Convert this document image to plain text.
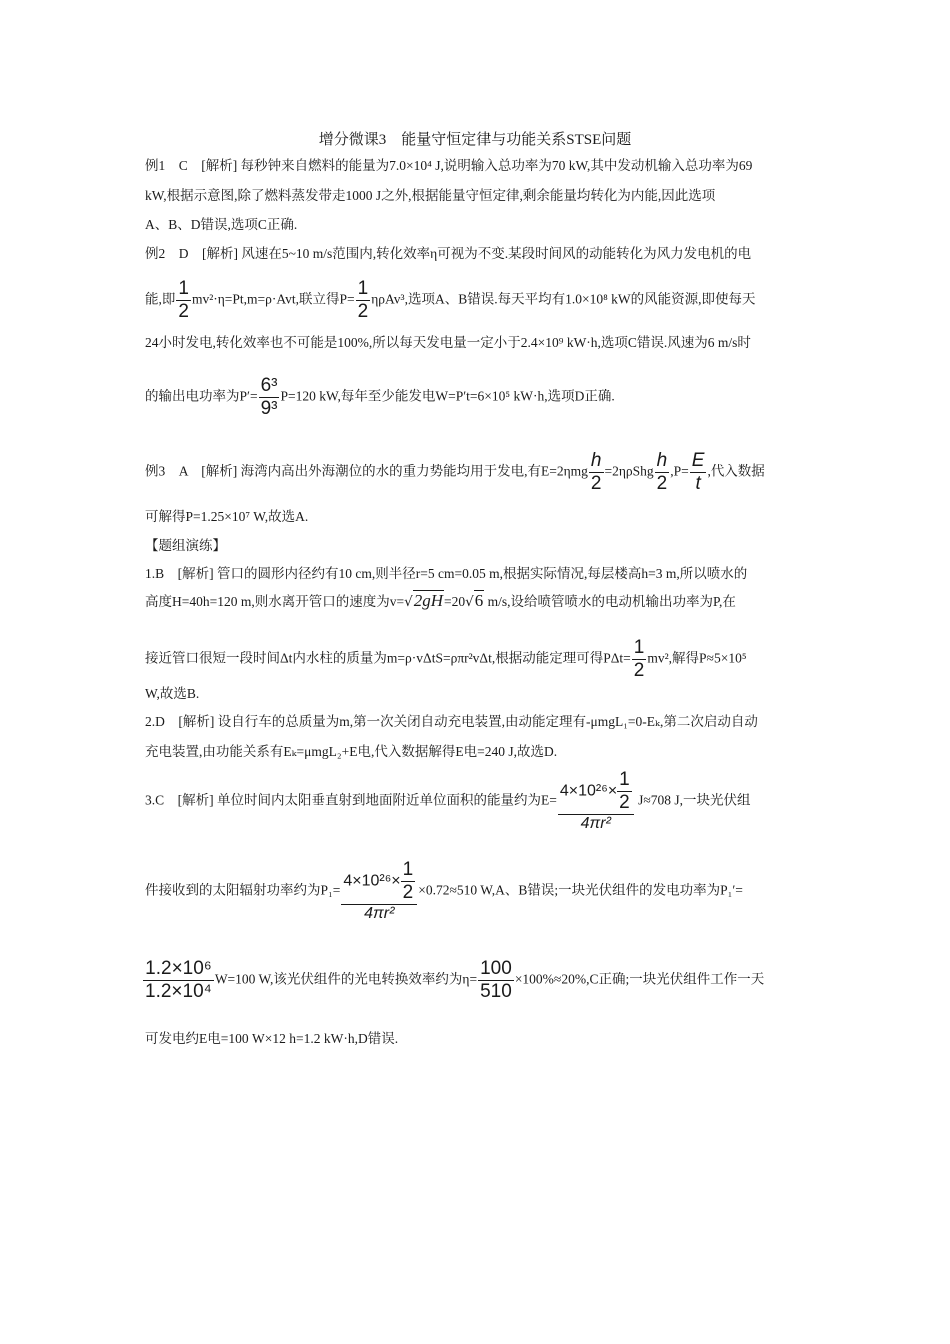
增分微课3　能量守恒定律与功能关系STSE问题
例1　C　[解析] 每秒钟来自燃料的能量为7.0×10⁴ J,说明输入总功率为70 kW,其中发动机输入总功率为69
kW,根据示意图,除了燃料蒸发带走1000 J之外,根据能量守恒定律,剩余能量均转化为内能,因此选项
A、B、D错误,选项C正确.
例2　D　[解析] 风速在5~10 m/s范围内,转化效率η可视为不变.某段时间风的动能转化为风力发电机的电
能,即 $\frac{1}{2} mv^2\cdot\eta=Pt,m=\rho\cdot Avt$,联立得$P= \frac{1}{2} \eta\rho Av^3$,选项A、B错误.每天平均有1.0×10⁸ kW的风能资源,即使每天
24小时发电,转化效率也不可能是100%,所以每天发电量一定小于2.4×10⁹ kW·h,选项C错误.风速为6 m/s时
的输出电功率为$P'= \frac{\text{6³}}{\text{9³}} P=120$ kW,每年至少能发电W=P′t=6×10⁵ kW·h,选项D正确.
例3　A　[解析] 海湾内高出外海潮位的水的重力势能均用于发电,有$E=2\eta mg \frac{h}{2} =2\eta\rho Shg \frac{h}{2} ,P= \frac{E}{t}$ ,代入数据
可解得P=1.25×10⁷ W,故选A.
【题组演练】
1.B　[解析] 管口的圆形内径约有10 cm,则半径r=5 cm=0.05 m,根据实际情况,每层楼高h=3 m,所以喷水的
高度H=40h=120 m,则水离开管口的速度为v=√2gH=20√6 m/s,设给喷管喷水的电动机输出功率为P,在
接近管口很短一段时间Δt内水柱的质量为m=ρ·vΔtS=ρπr²vΔt,根据动能定理可得$P\Delta t= \frac{1}{2} mv^2$,解得P≈5×10⁵
W,故选B.
2.D　[解析] 设自行车的总质量为m,第一次关闭自动充电装置,由动能定理有-μmgL₁=0-Eₖ,第二次启动自动
充电装置,由功能关系有Eₖ=μmgL₂+E电,代入数据解得E电=240 J,故选D.
3.C　[解析] 单位时间内太阳垂直射到地面附近单位面积的能量约为$E= \frac{4\times 10^{26}\times \frac{1}{2}}{\text{4πr²}} J\approx 708$ J,一块光伏组
件接收到的太阳辐射功率约为$P_1= \frac{4\times 10^{26}\times \frac{1}{2}}{\text{4πr²}} \times 0.72\approx 510$ W,A、B错误;一块光伏组件的发电功率为P₁′=
$\frac{\text{1.2×10⁶}}{\text{1.2×10⁴}} W=100$ W,该光伏组件的光电转换效率约为$\eta= \frac{100}{510} \times 100\%\approx 20\%,C$正确;一块光伏组件工作一天
可发电约E电=100 W×12 h=1.2 kW·h,D错误.
